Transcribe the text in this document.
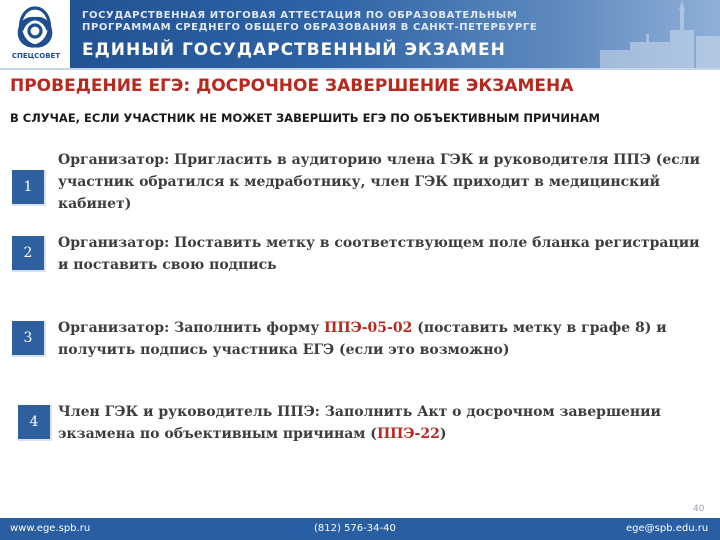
СПЕЦСОВЕТ
ГОСУДАРСТВЕННАЯ ИТОГОВАЯ АТТЕСТАЦИЯ ПО ОБРАЗОВАТЕЛЬНЫМ
ПРОГРАММАМ СРЕДНЕГО ОБЩЕГО ОБРАЗОВАНИЯ В САНКТ-ПЕТЕРБУРГЕ
ЕДИНЫЙ ГОСУДАРСТВЕННЫЙ ЭКЗАМЕН
ПРОВЕДЕНИЕ ЕГЭ: ДОСРОЧНОЕ ЗАВЕРШЕНИЕ ЭКЗАМЕНА
В СЛУЧАЕ, ЕСЛИ УЧАСТНИК НЕ МОЖЕТ ЗАВЕРШИТЬ ЕГЭ ПО ОБЪЕКТИВНЫМ ПРИЧИНАМ
1
Организатор: Пригласить в аудиторию члена ГЭК и руководителя ППЭ (если участник обратился к медработнику, член ГЭК приходит в медицинский кабинет)
2
Организатор: Поставить метку в соответствующем поле бланка регистрации и поставить свою подпись
3
Организатор: Заполнить форму ППЭ-05-02 (поставить метку в графе 8) и получить подпись участника ЕГЭ (если это возможно)
4
Член ГЭК и руководитель ППЭ: Заполнить Акт о досрочном завершении экзамена по объективным причинам (ППЭ-22)
40
www.ege.spb.ru	(812) 576-34-40	ege@spb.edu.ru
